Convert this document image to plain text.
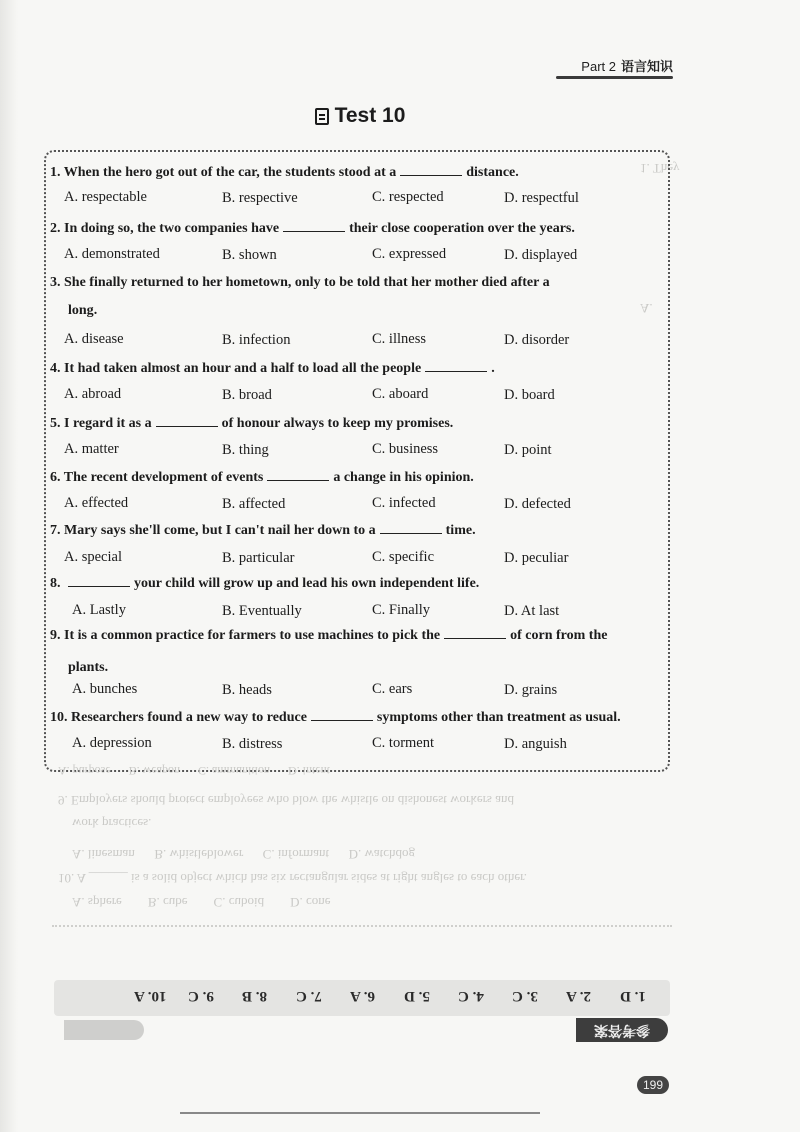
Part 2 语言知识
Test 10
1. They
A.
1. When the hero got out of the car, the students stood at a	distance.
A. respectable	B. respective	C. respected	D. respectful
2. In doing so, the two companies have	their close cooperation over the years.
A. demonstrated	B. shown	C. expressed	D. displayed
3. She finally returned to her hometown, only to be told that her mother died after a
long.
A. disease	B. infection	C. illness	D. disorder
4. It had taken almost an hour and a half to load all the people	.
A. abroad	B. broad	C. aboard	D. board
5. I regard it as a	of honour always to keep my promises.
A. matter	B. thing	C. business	D. point
6. The recent development of events	a change in his opinion.
A. effected	B. affected	C. infected	D. defected
7. Mary says she'll come, but I can't nail her down to a	time.
A. special	B. particular	C. specific	D. peculiar
8.	your child will grow up and lead his own independent life.
A. Lastly	B. Eventually	C. Finally	D. At last
9. It is a common practice for farmers to use machines to pick the	of corn from the
plants.
A. bunches	B. heads	C. ears	D. grains
10. Researchers found a new way to reduce	symptoms other than treatment as usual.
A. depression	B. distress	C. torment	D. anguish
A. purpose      B. weapon      C. ammunition      D. intent
9. Employers should protect employees who blow the whistle on dishonest workers and
work practices.
A. linesman      B. whistleblower      C. informant      D. watchdog
10. A ______ is a solid object which has six rectangular sides at right angles to each other.
A. sphere        B. cube        C. cuboid        D. cone
1. D
2. A
3. C
4. C
5. D
6. A
7. C
8. B
9. C
10. A
参考答案
199
